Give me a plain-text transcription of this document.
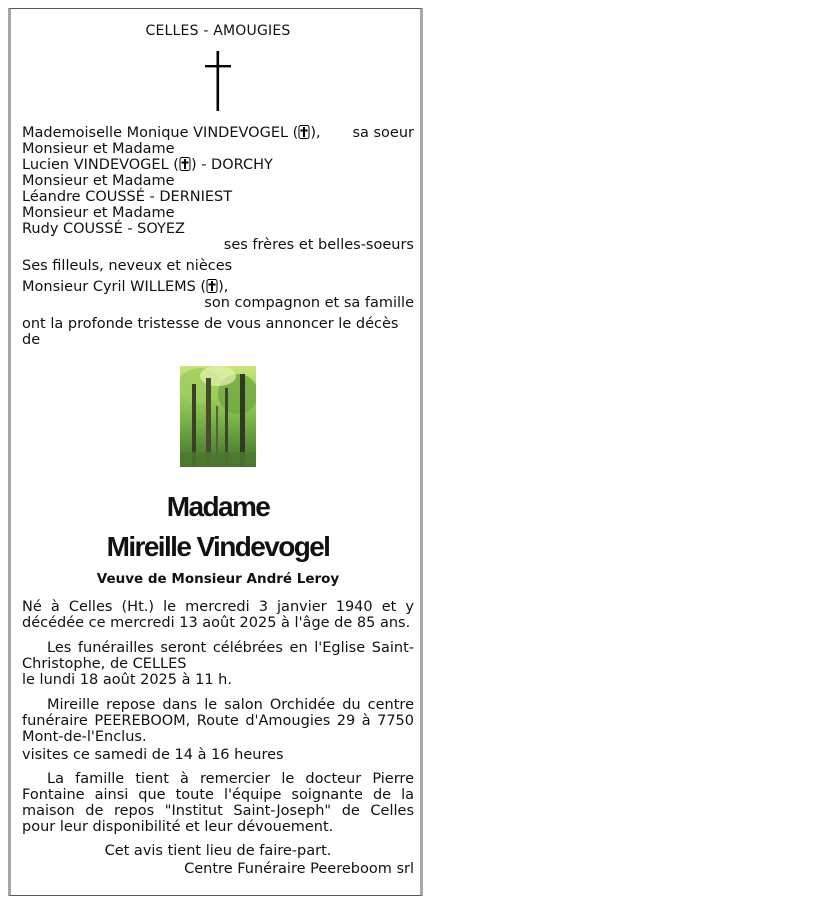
CELLES - AMOUGIES
Mademoiselle Monique VINDEVOGEL ( ), sa soeur
Monsieur et Madame
Lucien VINDEVOGEL ( ) - DORCHY
Monsieur et Madame
Léandre COUSSÉ - DERNIEST
Monsieur et Madame
Rudy COUSSÉ - SOYEZ
ses frères et belles-soeurs
Ses filleuls, neveux et nièces
Monsieur Cyril WILLEMS ( ),
son compagnon et sa famille
ont la profonde tristesse de vous annoncer le décès de
Madame
Mireille Vindevogel
Veuve de Monsieur André Leroy
Né à Celles (Ht.) le mercredi 3 janvier 1940 et y décédée ce mercredi 13 août 2025 à l'âge de 85 ans.
Les funérailles seront célébrées en l'Eglise Saint-Christophe, de CELLES
le lundi 18 août 2025 à 11 h.
Mireille repose dans le salon Orchidée du centre funéraire PEEREBOOM, Route d'Amougies 29 à 7750 Mont-de-l'Enclus.
visites ce samedi de 14 à 16 heures
La famille tient à remercier le docteur Pierre Fontaine ainsi que toute l'équipe soignante de la maison de repos "Institut Saint-Joseph" de Celles pour leur disponibilité et leur dévouement.
Cet avis tient lieu de faire-part.
Centre Funéraire Peereboom srl
